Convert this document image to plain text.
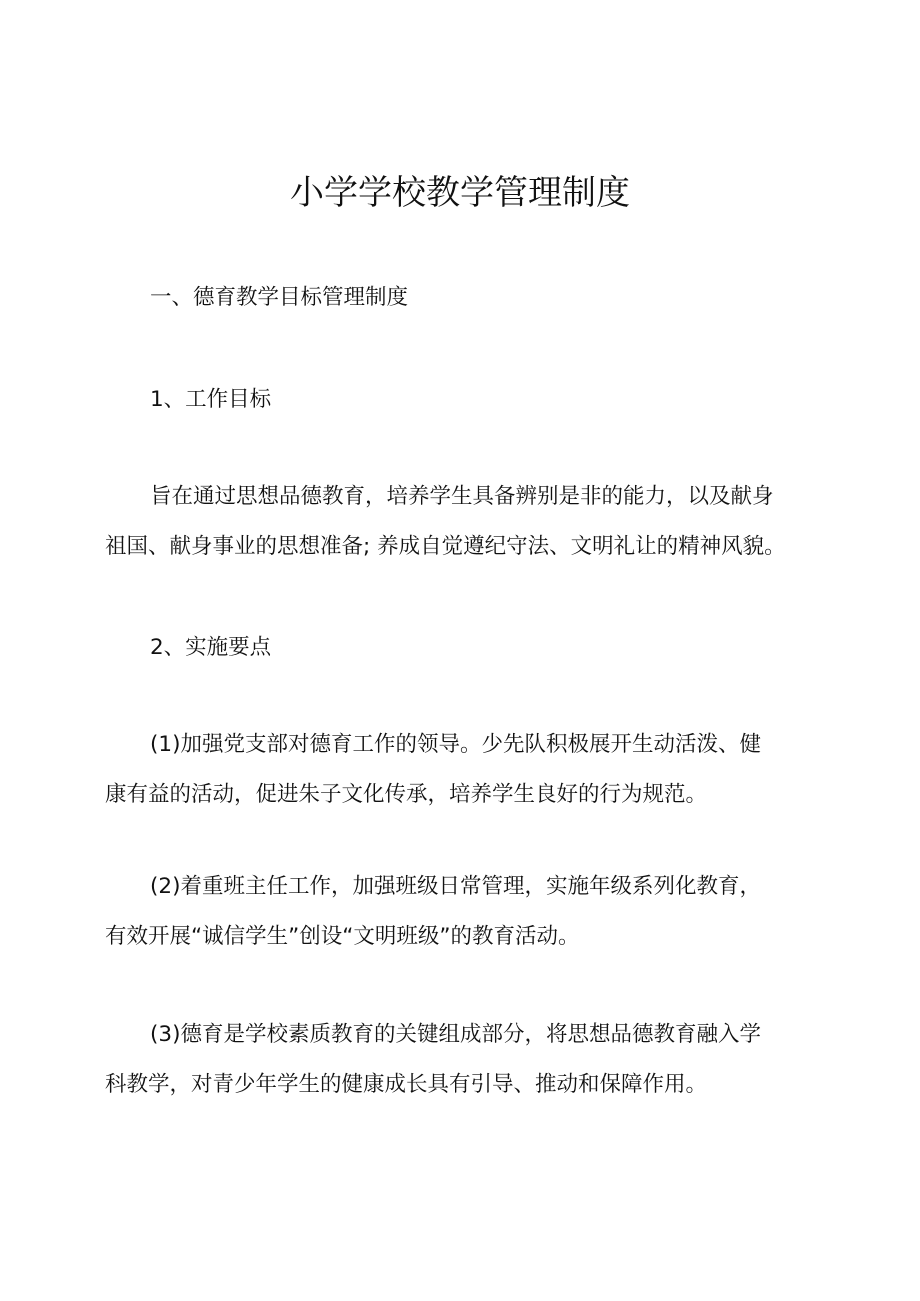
小学学校教学管理制度

一、德育教学目标管理制度

1、工作目标

旨在通过思想品德教育，培养学生具备辨别是非的能力，以及献身
祖国、献身事业的思想准备; 养成自觉遵纪守法、文明礼让的精神风貌。

2、实施要点

(1)加强党支部对德育工作的领导。少先队积极展开生动活泼、健
康有益的活动，促进朱子文化传承，培养学生良好的行为规范。

(2)着重班主任工作，加强班级日常管理，实施年级系列化教育，
有效开展“诚信学生”创设“文明班级”的教育活动。

(3)德育是学校素质教育的关键组成部分，将思想品德教育融入学
科教学，对青少年学生的健康成长具有引导、推动和保障作用。
